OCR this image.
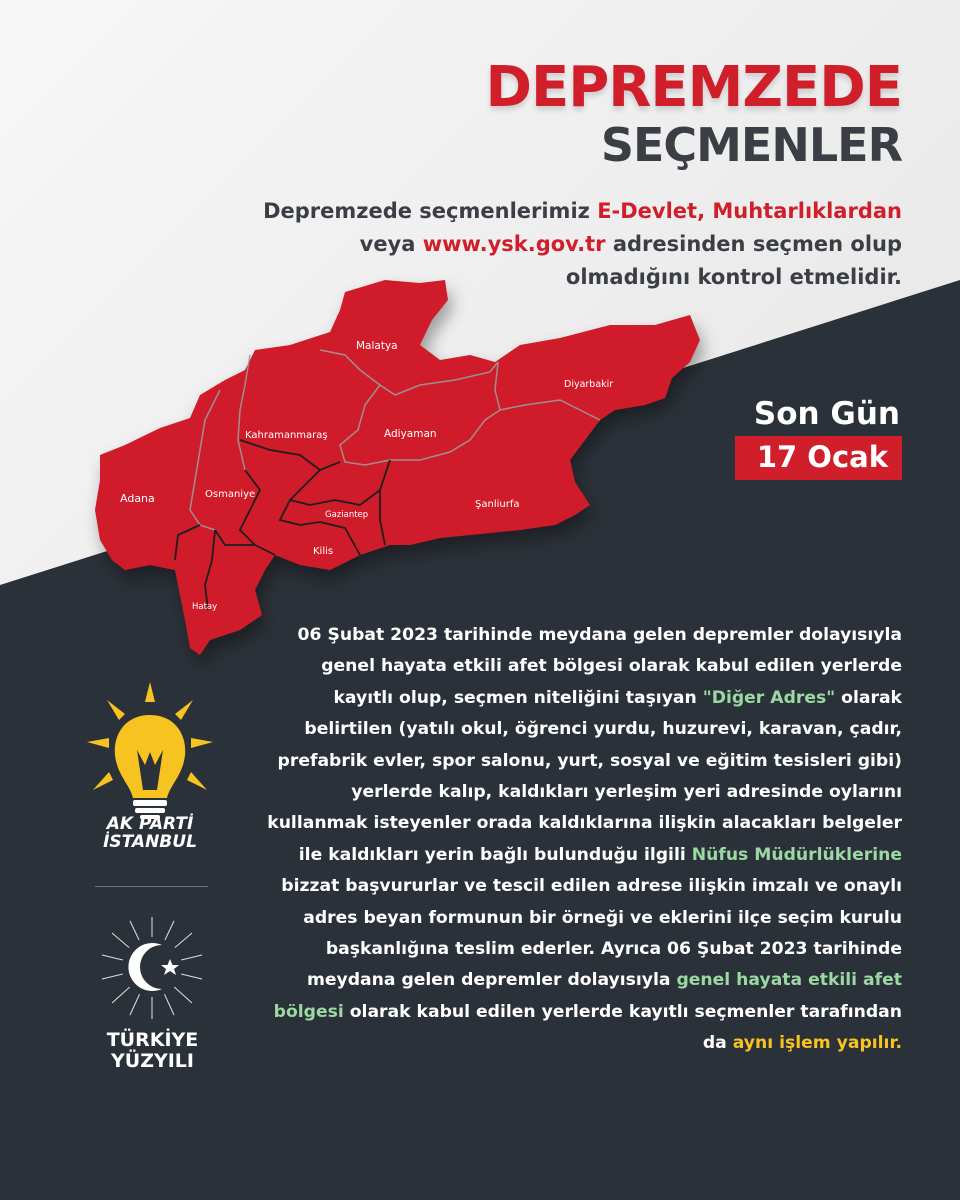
DEPREMZEDE
SEÇMENLER
Depremzede seçmenlerimiz E-Devlet, Muhtarlıklardan
veya www.ysk.gov.tr adresinden seçmen olup
olmadığını kontrol etmelidir.
Malatya
Diyarbakir
Kahramanmaraş	Adiyaman
Adana	Osmaniye
Gaziantep
Şanliurfa
Kilis
Hatay
Son Gün
17 Ocak
06 Şubat 2023 tarihinde meydana gelen depremler dolayısıyla genel hayata etkili afet bölgesi olarak kabul edilen yerlerde kayıtlı olup, seçmen niteliğini taşıyan "Diğer Adres" olarak belirtilen (yatılı okul, öğrenci yurdu, huzurevi, karavan, çadır, prefabrik evler, spor salonu, yurt, sosyal ve eğitim tesisleri gibi) yerlerde kalıp, kaldıkları yerleşim yeri adresinde oylarını kullanmak isteyenler orada kaldıklarına ilişkin alacakları belgeler ile kaldıkları yerin bağlı bulunduğu ilgili Nüfus Müdürlüklerine bizzat başvururlar ve tescil edilen adrese ilişkin imzalı ve onaylı adres beyan formunun bir örneği ve eklerini ilçe seçim kurulu başkanlığına teslim ederler. Ayrıca 06 Şubat 2023 tarihinde meydana gelen depremler dolayısıyla genel hayata etkili afet bölgesi olarak kabul edilen yerlerde kayıtlı seçmenler tarafından da aynı işlem yapılır.
AK PARTİ
İSTANBUL
TÜRKİYE
YÜZYILI
